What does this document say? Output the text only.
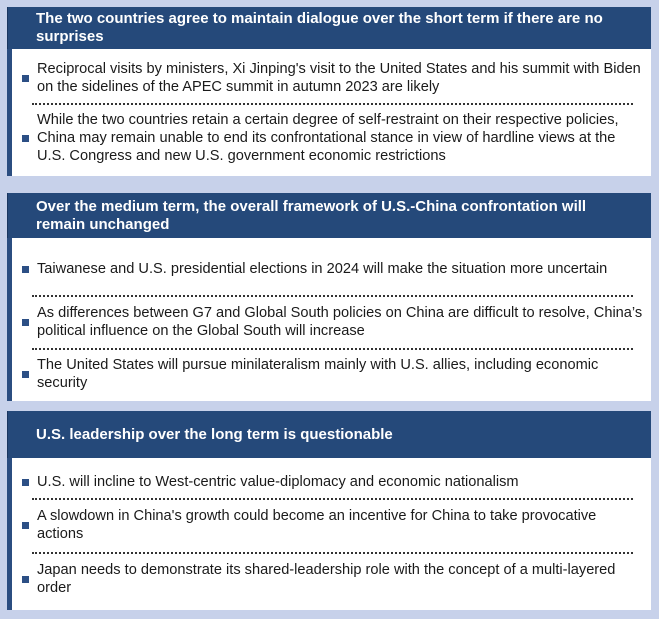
The two countries agree to maintain dialogue over the short term if there are no surprises
Reciprocal visits by ministers, Xi Jinping's visit to the United States and his summit with Biden on the sidelines of the APEC summit in autumn 2023 are likely
While the two countries retain a certain degree of self-restraint on their respective policies, China may remain unable to end its confrontational stance in view of hardline views at the U.S. Congress and new U.S. government economic restrictions
Over the medium term, the overall framework of U.S.-China confrontation will remain unchanged
Taiwanese and U.S. presidential elections in 2024 will make the situation more uncertain
As differences between G7 and Global South policies on China are difficult to resolve, China’s political influence on the Global South will increase
The United States will pursue minilateralism mainly with U.S. allies, including economic security
U.S. leadership over the long term is questionable
U.S. will incline to West-centric value-diplomacy and economic nationalism
A slowdown in China's growth could become an incentive for China to take provocative actions
Japan needs to demonstrate its shared-leadership role with the concept of a multi-layered order
